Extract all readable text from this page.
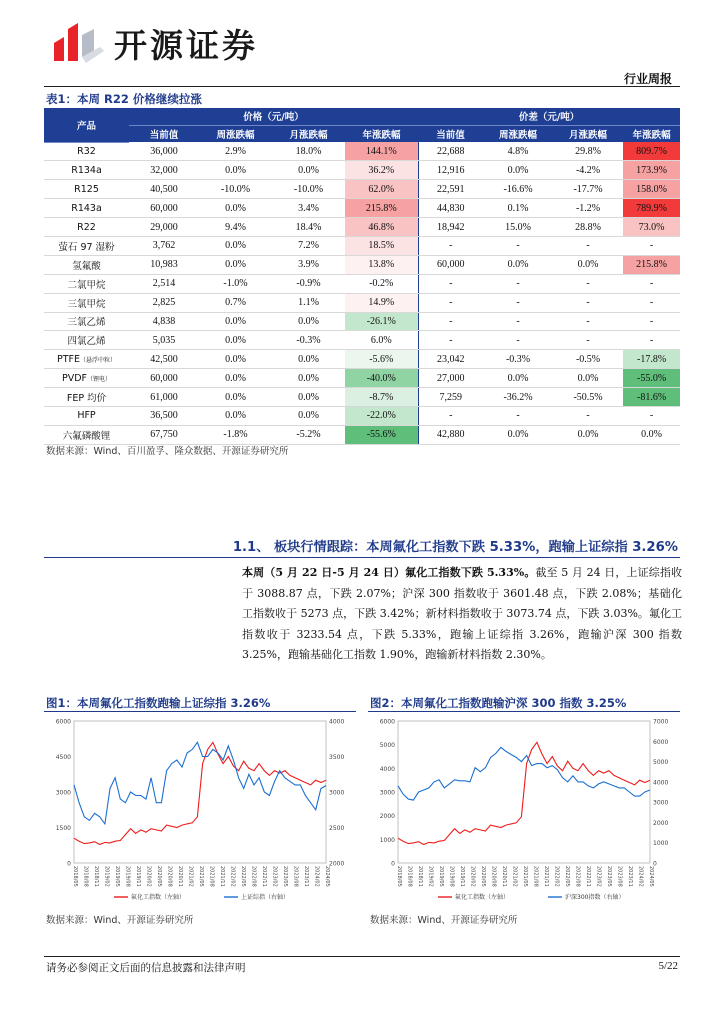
开源证券
行业周报
表1：本周 R22 价格继续拉涨
产品	价格（元/吨）				价差（元/吨）			
	当前值	周涨跌幅	月涨跌幅	年涨跌幅	当前值	周涨跌幅	月涨跌幅	年涨跌幅
R32	36,000	2.9%	18.0%	144.1%	22,688	4.8%	29.8%	809.7%
R134a	32,000	0.0%	0.0%	36.2%	12,916	0.0%	-4.2%	173.9%
R125	40,500	-10.0%	-10.0%	62.0%	22,591	-16.6%	-17.7%	158.0%
R143a	60,000	0.0%	3.4%	215.8%	44,830	0.1%	-1.2%	789.9%
R22	29,000	9.4%	18.4%	46.8%	18,942	15.0%	28.8%	73.0%
萤石 97 湿粉	3,762	0.0%	7.2%	18.5%	-	-	-	-
氢氟酸	10,983	0.0%	3.9%	13.8%	60,000	0.0%	0.0%	215.8%
二氯甲烷	2,514	-1.0%	-0.9%	-0.2%	-	-	-	-
三氯甲烷	2,825	0.7%	1.1%	14.9%	-	-	-	-
三氯乙烯	4,838	0.0%	0.0%	-26.1%	-	-	-	-
四氯乙烯	5,035	0.0%	-0.3%	6.0%	-	-	-	-
PTFE（悬浮中粒）	42,500	0.0%	0.0%	-5.6%	23,042	-0.3%	-0.5%	-17.8%
PVDF（锂电）	60,000	0.0%	0.0%	-40.0%	27,000	0.0%	0.0%	-55.0%
FEP 均价	61,000	0.0%	0.0%	-8.7%	7,259	-36.2%	-50.5%	-81.6%
HFP	36,500	0.0%	0.0%	-22.0%	-	-	-	-
六氟磷酸锂	67,750	-1.8%	-5.2%	-55.6%	42,880	0.0%	0.0%	0.0%
数据来源：Wind、百川盈孚、隆众数据、开源证券研究所
1.1、 板块行情跟踪：本周氟化工指数下跌 5.33%，跑输上证综指 3.26%
本周（5 月 22 日-5 月 24 日）氟化工指数下跌 5.33%。截至 5 月 24 日，上证综指收于 3088.87 点，下跌 2.07%；沪深 300 指数收于 3601.48 点，下跌 2.08%；基础化工指数收于 5273 点，下跌 3.42%；新材料指数收于 3073.74 点，下跌 3.03%。氟化工指数收于 3233.54 点，下跌 5.33%，跑输上证综指 3.26%，跑输沪深 300 指数 3.25%，跑输基础化工指数 1.90%，跑输新材料指数 2.30%。
图1：本周氟化工指数跑输上证综指 3.26%
0
1500
3000
4500
6000
2000
2500
3000
3500
4000
2018/05 2018/08 2018/11 2019/02 2019/05 2019/08 2019/11 2020/02 2020/05 2020/08 2020/11 2021/02 2021/05 2021/08 2021/11 2022/02 2022/05 2022/08 2022/11 2023/02 2023/05 2023/08 2023/11 2024/02 2024/05
氟化工指数（左轴）	上证综指（右轴）
数据来源：Wind、开源证券研究所
图2：本周氟化工指数跑输沪深 300 指数 3.25%
0
1000
2000
3000
4000
5000
6000
0
1000
2000
3000
4000
5000
6000
7000
2018/05 2018/08 2018/11 2019/02 2019/05 2019/08 2019/11 2020/02 2020/05 2020/08 2020/11 2021/02 2021/05 2021/08 2021/11 2022/02 2022/05 2022/08 2022/11 2023/02 2023/05 2023/08 2023/11 2024/02 2024/05
氟化工指数（左轴）	沪深300指数（右轴）
数据来源：Wind、开源证券研究所
请务必参阅正文后面的信息披露和法律声明	5/22
